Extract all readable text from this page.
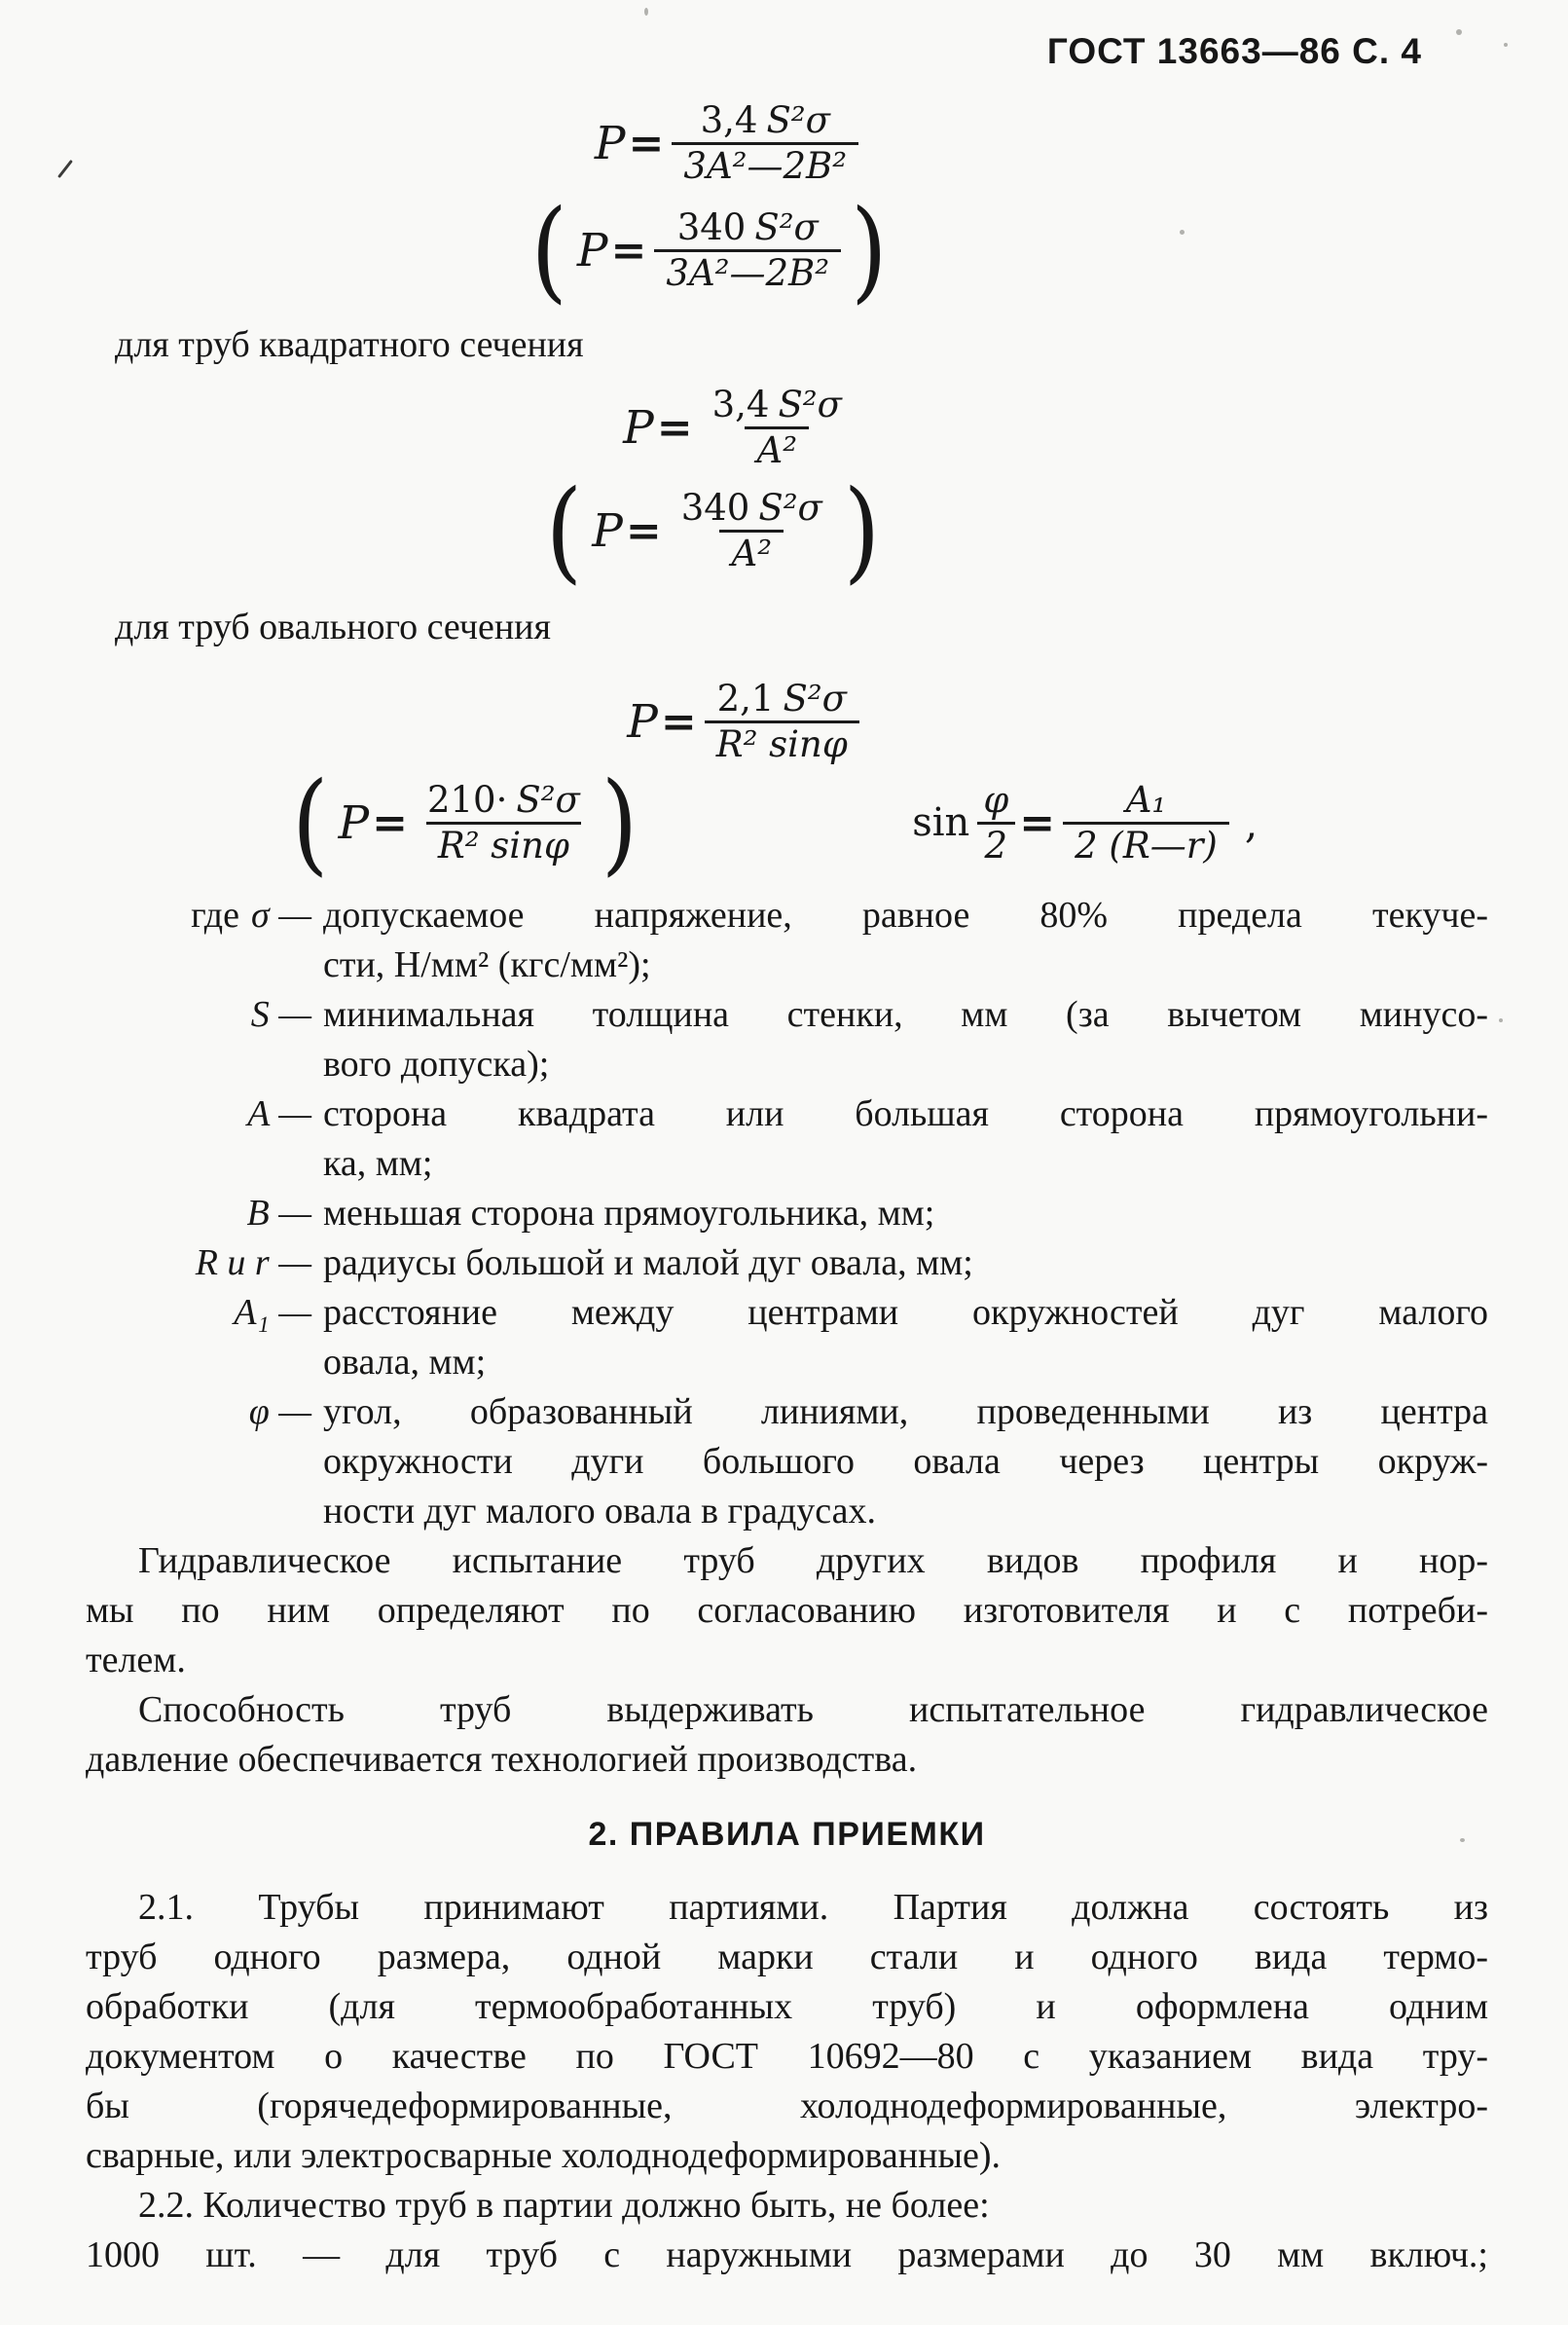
ГОСТ 13663—86 С. 4
$P = \frac{\text{3,4 S²σ}}{\text{3A²—2B²}}$
( $P = \frac{\text{340 S²σ}}{\text{3A²—2B²}}$ )
для труб квадратного сечения
$P = \frac{\text{3,4 S²σ}}{\text{A²}}$
( $P = \frac{\text{340 S²σ}}{\text{A²}}$ )
для труб овального сечения
$P = \frac{\text{2,1 S²σ}}{\text{R² sinφ}}$
( $P = \frac{\text{210· S²σ}}{\text{R² sinφ}}$ )	$\sin \frac{\varphi}{2} = \frac{\text{A₁}}{2 (R—r)}$ ,
где σ — допускаемое напряжение, равное 80% предела текуче-
сти, Н/мм² (кгс/мм²);
S — минимальная толщина стенки, мм (за вычетом минусо-
вого допуска);
A — сторона квадрата или большая сторона прямоугольни-
ка, мм;
B — меньшая сторона прямоугольника, мм;
R и r — радиусы большой и малой дуг овала, мм;
A₁ — расстояние между центрами окружностей дуг малого
овала, мм;
φ — угол, образованный линиями, проведенными из центра
окружности дуги большого овала через центры окруж-
ности дуг малого овала в градусах.
Гидравлическое испытание труб других видов профиля и нор-
мы по ним определяют по согласованию изготовителя и с потреби-
телем.
Способность труб выдерживать испытательное гидравлическое
давление обеспечивается технологией производства.
2. ПРАВИЛА ПРИЕМКИ
2.1. Трубы принимают партиями. Партия должна состоять из
труб одного размера, одной марки стали и одного вида термо-
обработки (для термообработанных труб) и оформлена одним
документом о качестве по ГОСТ 10692—80 с указанием вида тру-
бы (горячедеформированные, холоднодеформированные, электро-
сварные, или электросварные холоднодеформированные).
2.2. Количество труб в партии должно быть, не более:
1000 шт. — для труб с наружными размерами до 30 мм включ.;
